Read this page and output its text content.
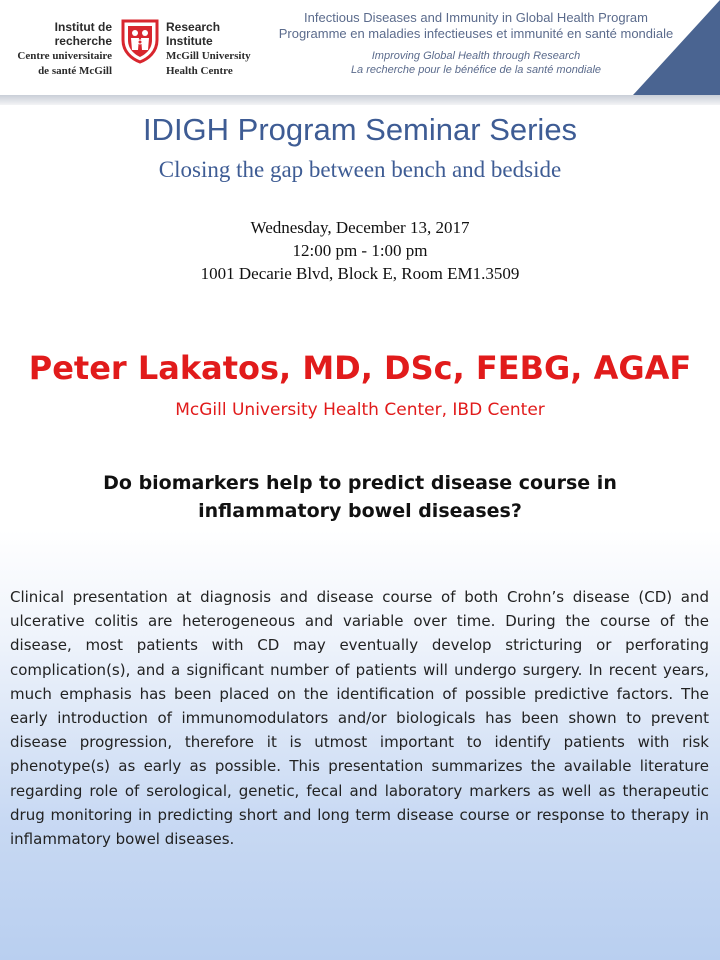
Institut de
recherche
Centre universitaire
de santé McGill
Research
Institute
McGill University
Health Centre
Infectious Diseases and Immunity in Global Health Program
Programme en maladies infectieuses et immunité en santé mondiale
Improving Global Health through Research
La recherche pour le bénéfice de la santé mondiale
IDIGH Program Seminar Series
Closing the gap between bench and bedside
Wednesday, December 13, 2017
12:00 pm - 1:00 pm
1001 Decarie Blvd, Block E, Room EM1.3509
Peter Lakatos, MD, DSc, FEBG, AGAF
McGill University Health Center, IBD Center
Do biomarkers help to predict disease course in
inflammatory bowel diseases?
Clinical presentation at diagnosis and disease course of both Crohn’s disease (CD) and ulcerative colitis are heterogeneous and variable over time. During the course of the disease, most patients with CD may eventually develop stricturing or perforating complication(s), and a significant number of patients will undergo surgery. In recent years, much emphasis has been placed on the identification of possible predictive factors. The early introduction of immunomodulators and/or biologicals has been shown to prevent disease progression, therefore it is utmost important to identify patients with risk phenotype(s) as early as possible. This presentation summarizes the available literature regarding role of serological, genetic, fecal and laboratory markers as well as therapeutic drug monitoring in predicting short and long term disease course or response to therapy in inflammatory bowel diseases.
